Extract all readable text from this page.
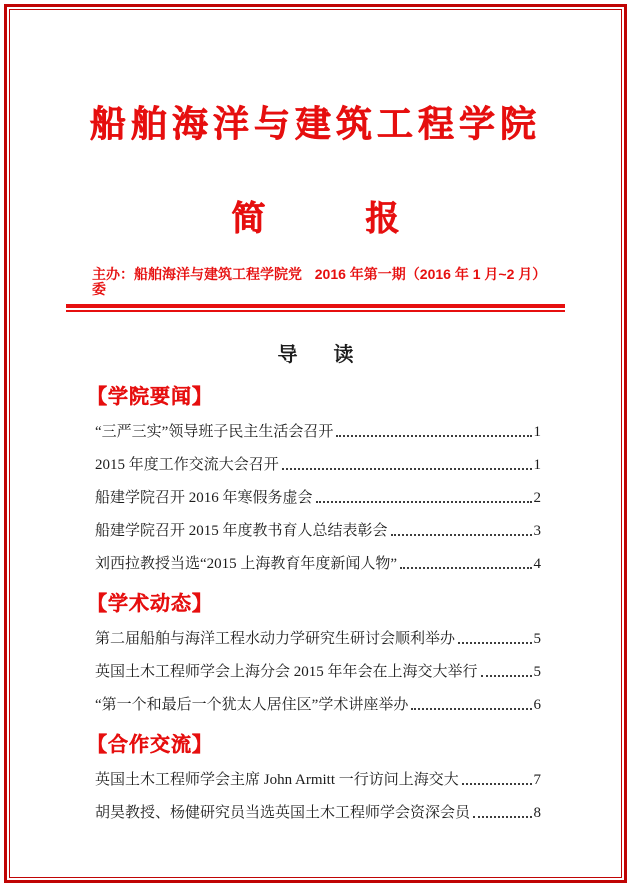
船舶海洋与建筑工程学院
简	报
主办：船舶海洋与建筑工程学院党委
2016 年第一期（2016 年 1 月~2 月）
导 读
【学院要闻】
“三严三实”领导班子民主生活会召开	1
2015 年度工作交流大会召开	1
船建学院召开 2016 年寒假务虚会	2
船建学院召开 2015 年度教书育人总结表彰会	3
刘西拉教授当选“2015 上海教育年度新闻人物”	4
【学术动态】
第二届船舶与海洋工程水动力学研究生研讨会顺利举办	5
英国土木工程师学会上海分会 2015 年年会在上海交大举行	5
“第一个和最后一个犹太人居住区”学术讲座举办	6
【合作交流】
英国土木工程师学会主席 John Armitt 一行访问上海交大	7
胡昊教授、杨健研究员当选英国土木工程师学会资深会员	8
